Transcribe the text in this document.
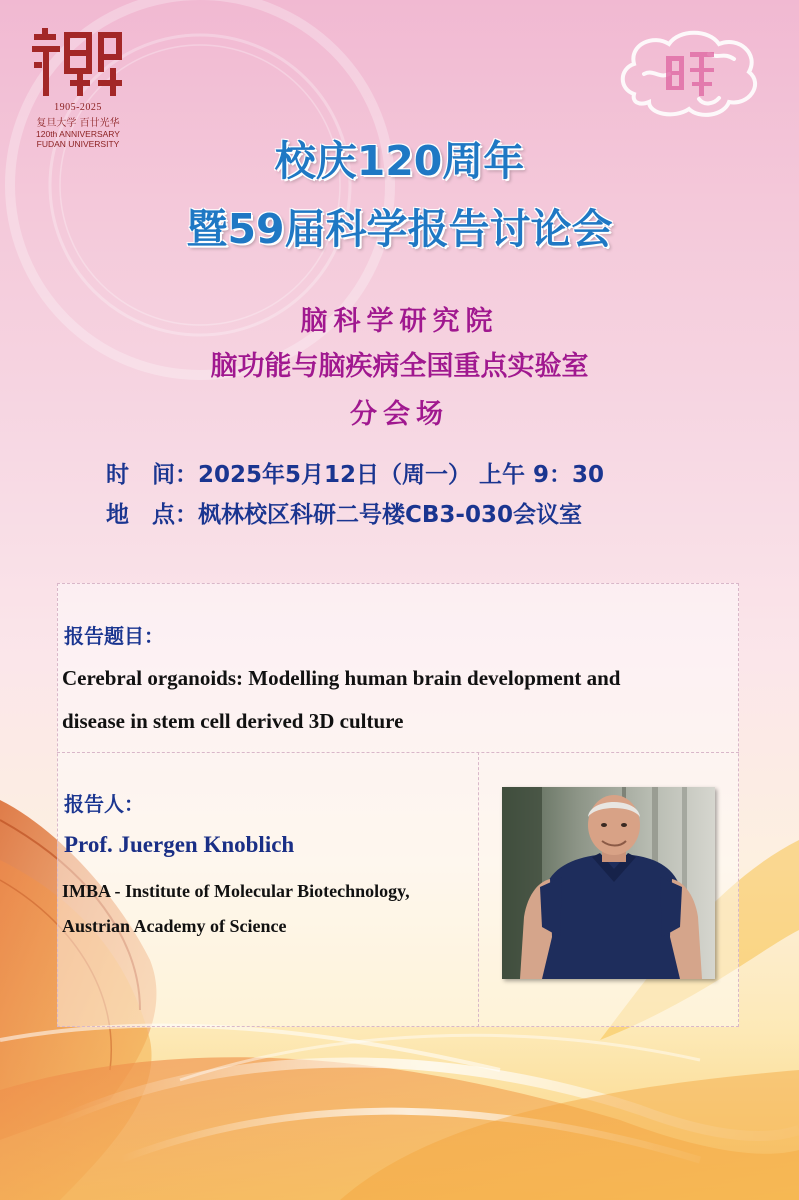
1905-2025
复旦大学 百廿光华
120th ANNIVERSARY
FUDAN UNIVERSITY	校庆120周年
暨59届科学报告讨论会
脑科学研究院
脑功能与脑疾病全国重点实验室
分会场
时　间：2025年5月12日（周一） 上午 9：30
地　点：枫林校区科研二号楼CB3-030会议室
报告题目：
Cerebral organoids: Modelling human brain development and
disease in stem cell derived 3D culture
报告人：
Prof. Juergen Knoblich
IMBA - Institute of Molecular Biotechnology,
Austrian Academy of Science
